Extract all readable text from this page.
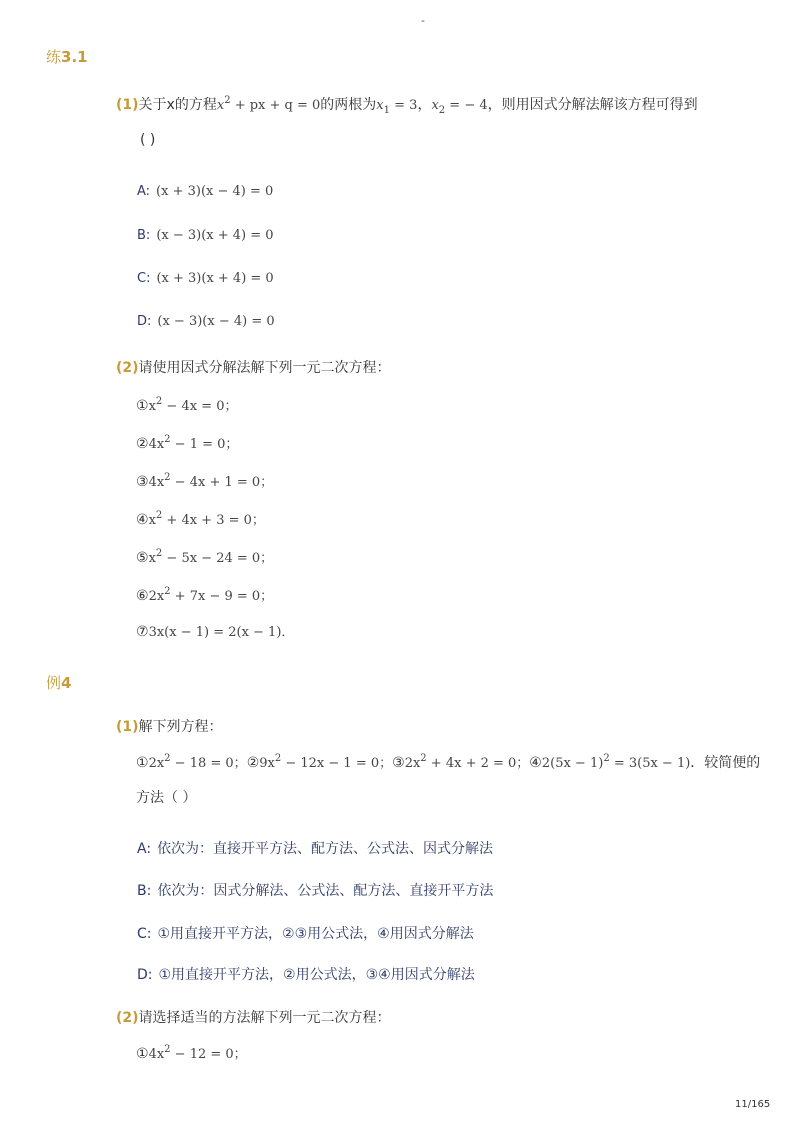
-
练3.1
(1)关于x的方程$x^2$ + px + q = 0的两根为$x_1 = 3$，$x_2$ = − 4，则用因式分解法解该方程可得到
( )
A: (x + 3)(x − 4) = 0
B: (x − 3)(x + 4) = 0
C: (x + 3)(x + 4) = 0
D: (x − 3)(x − 4) = 0
(2)请使用因式分解法解下列一元二次方程：
$①x^2 - 4x = 0$；
$②4x^2 - 1 = 0$；
$③4x^2 - 4x + 1 = 0$；
$④x^2 + 4x + 3 = 0$；
$⑤x^2 - 5x - 24 = 0$；
$⑥2x^2 + 7x - 9 = 0$；
⑦3x(x − 1) = 2(x − 1)．
例4
(1)解下列方程：
$①2x^2 - 18 = 0$；$②9x^2 - 12x - 1 = 0$；$③2x^2 + 4x + 2 = 0$；④2(5x − 1)$^2$ = 3(5x − 1)．较简便的
方法（ ）
A: 依次为：直接开平方法、配方法、公式法、因式分解法
B: 依次为：因式分解法、公式法、配方法、直接开平方法
C: ①用直接开平方法，②③用公式法，④用因式分解法
D: ①用直接开平方法，②用公式法，③④用因式分解法
(2)请选择适当的方法解下列一元二次方程：
$①4x^2 - 12 = 0$；
11/165
